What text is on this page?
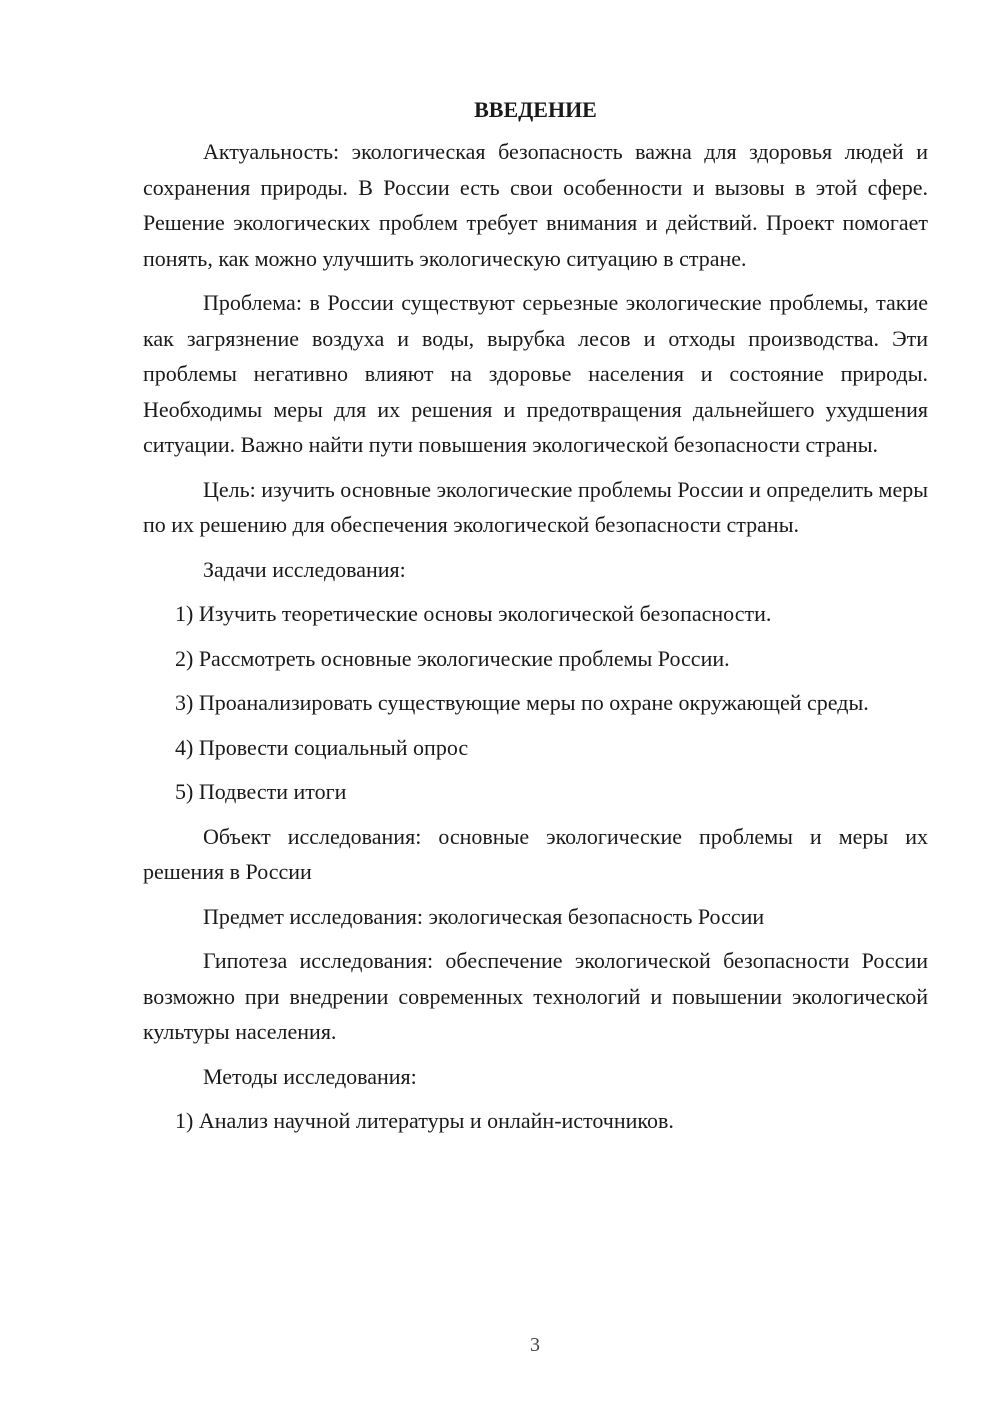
ВВЕДЕНИЕ

Актуальность: экологическая безопасность важна для здоровья людей и сохранения природы. В России есть свои особенности и вызовы в этой сфере. Решение экологических проблем требует внимания и действий. Проект помогает понять, как можно улучшить экологическую ситуацию в стране.

Проблема: в России существуют серьезные экологические проблемы, такие как загрязнение воздуха и воды, вырубка лесов и отходы производства. Эти проблемы негативно влияют на здоровье населения и состояние природы. Необходимы меры для их решения и предотвращения дальнейшего ухудшения ситуации. Важно найти пути повышения экологической безопасности страны.

Цель: изучить основные экологические проблемы России и определить меры по их решению для обеспечения экологической безопасности страны.

Задачи исследования:

1) Изучить теоретические основы экологической безопасности.

2) Рассмотреть основные экологические проблемы России.

3) Проанализировать существующие меры по охране окружающей среды.

4) Провести социальный опрос

5) Подвести итоги

Объект исследования: основные экологические проблемы и меры их решения в России

Предмет исследования: экологическая безопасность России

Гипотеза исследования: обеспечение экологической безопасности России возможно при внедрении современных технологий и повышении экологической культуры населения.

Методы исследования:

1) Анализ научной литературы и онлайн-источников.

3
